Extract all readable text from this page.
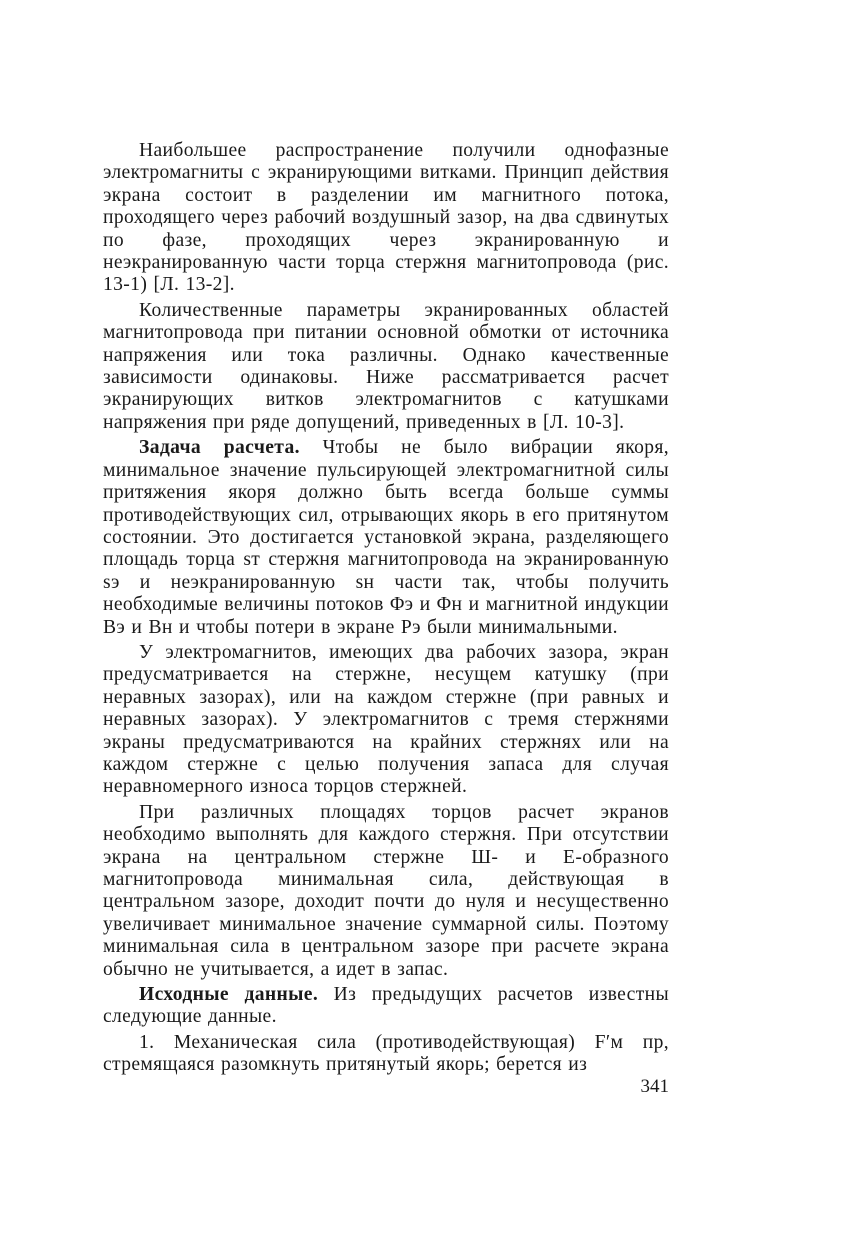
Наибольшее распространение получили однофазные электромагниты с экранирующими витками. Принцип действия экрана состоит в разделении им магнитного потока, проходящего через рабочий воздушный зазор, на два сдвинутых по фазе, проходящих через экранированную и неэкранированную части торца стержня магнитопровода (рис. 13-1) [Л. 13-2].

Количественные параметры экранированных областей магнитопровода при питании основной обмотки от источника напряжения или тока различны. Однако качественные зависимости одинаковы. Ниже рассматривается расчет экранирующих витков электромагнитов с катушками напряжения при ряде допущений, приведенных в [Л. 10-3].

Задача расчета. Чтобы не было вибрации якоря, минимальное значение пульсирующей электромагнитной силы притяжения якоря должно быть всегда больше суммы противодействующих сил, отрывающих якорь в его притянутом состоянии. Это достигается установкой экрана, разделяющего площадь торца sт стержня магнитопровода на экранированную sэ и неэкранированную sн части так, чтобы получить необходимые величины потоков Φэ и Φн и магнитной индукции Bэ и Bн и чтобы потери в экране Pэ были минимальными.

У электромагнитов, имеющих два рабочих зазора, экран предусматривается на стержне, несущем катушку (при неравных зазорах), или на каждом стержне (при равных и неравных зазорах). У электромагнитов с тремя стержнями экраны предусматриваются на крайних стержнях или на каждом стержне с целью получения запаса для случая неравномерного износа торцов стержней.

При различных площадях торцов расчет экранов необходимо выполнять для каждого стержня. При отсутствии экрана на центральном стержне Ш- и Е-образного магнитопровода минимальная сила, действующая в центральном зазоре, доходит почти до нуля и несущественно увеличивает минимальное значение суммарной силы. Поэтому минимальная сила в центральном зазоре при расчете экрана обычно не учитывается, а идет в запас.

Исходные данные. Из предыдущих расчетов известны следующие данные.

1. Механическая сила (противодействующая) F′м пр, стремящаяся разомкнуть притянутый якорь; берется из

341
